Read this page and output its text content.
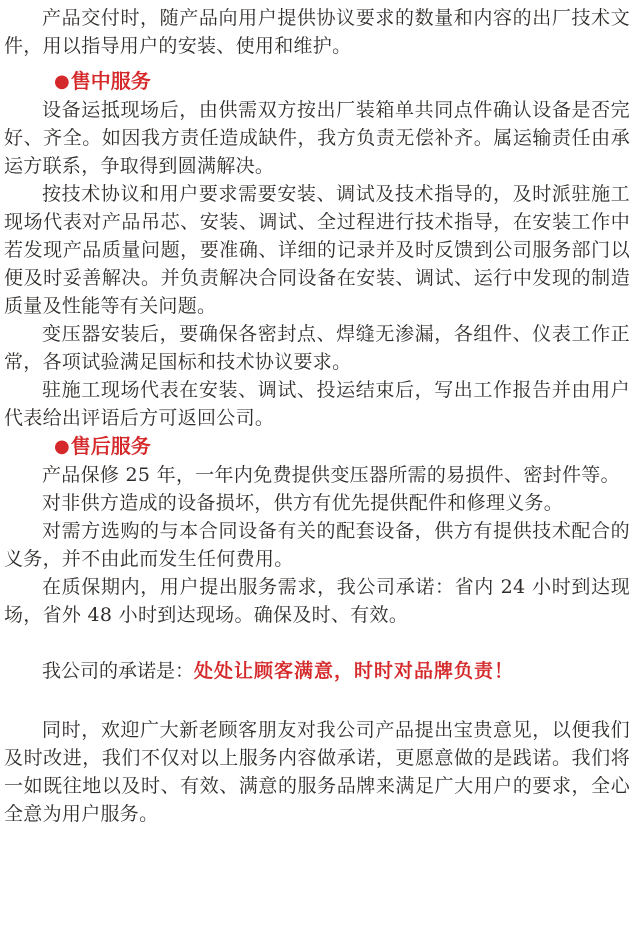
产品交付时，随产品向用户提供协议要求的数量和内容的出厂技术文件，用以指导用户的安装、使用和维护。

●售中服务

设备运抵现场后，由供需双方按出厂装箱单共同点件确认设备是否完好、齐全。如因我方责任造成缺件，我方负责无偿补齐。属运输责任由承运方联系，争取得到圆满解决。

按技术协议和用户要求需要安装、调试及技术指导的，及时派驻施工现场代表对产品吊芯、安装、调试、全过程进行技术指导，在安装工作中若发现产品质量问题，要准确、详细的记录并及时反馈到公司服务部门以便及时妥善解决。并负责解决合同设备在安装、调试、运行中发现的制造质量及性能等有关问题。

变压器安装后，要确保各密封点、焊缝无渗漏，各组件、仪表工作正常，各项试验满足国标和技术协议要求。

驻施工现场代表在安装、调试、投运结束后，写出工作报告并由用户代表给出评语后方可返回公司。

●售后服务

产品保修 25 年，一年内免费提供变压器所需的易损件、密封件等。

对非供方造成的设备损坏，供方有优先提供配件和修理义务。

对需方选购的与本合同设备有关的配套设备，供方有提供技术配合的义务，并不由此而发生任何费用。

在质保期内，用户提出服务需求，我公司承诺：省内 24 小时到达现场，省外 48 小时到达现场。确保及时、有效。

我公司的承诺是：处处让顾客满意，时时对品牌负责！

同时，欢迎广大新老顾客朋友对我公司产品提出宝贵意见，以便我们及时改进，我们不仅对以上服务内容做承诺，更愿意做的是践诺。我们将一如既往地以及时、有效、满意的服务品牌来满足广大用户的要求，全心全意为用户服务。
